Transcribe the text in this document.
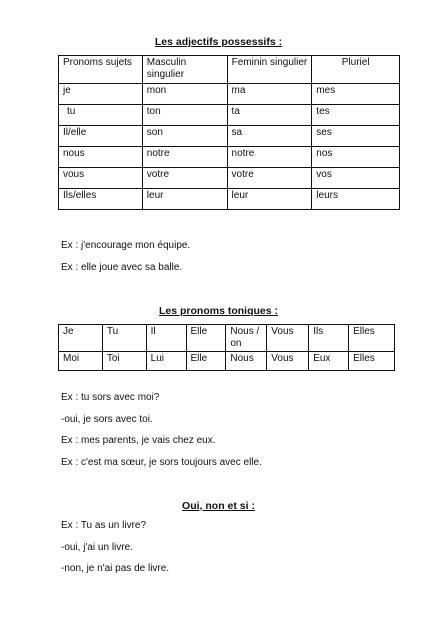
Les adjectifs possessifs :
Pronoms sujets	Masculin singulier	Feminin singulier	Pluriel
je	mon	ma	mes
tu	ton	ta	tes
Il/elle	son	sa	ses
nous	notre	notre	nos
vous	votre	votre	vos
Ils/elles	leur	leur	leurs
Ex : j'encourage mon équipe.
Ex : elle joue avec sa balle.
Les pronoms toniques :
Je	Tu	Il	Elle	Nous / on	Vous	Ils	Elles
Moi	Toi	Lui	Elle	Nous	Vous	Eux	Elles
Ex : tu sors avec moi?
-oui, je sors avec toi.
Ex : mes parents, je vais chez eux.
Ex : c'est ma sœur, je sors toujours avec elle.
Oui, non et si :
Ex : Tu as un livre?
-oui, j'ai un livre.
-non, je n'ai pas de livre.
